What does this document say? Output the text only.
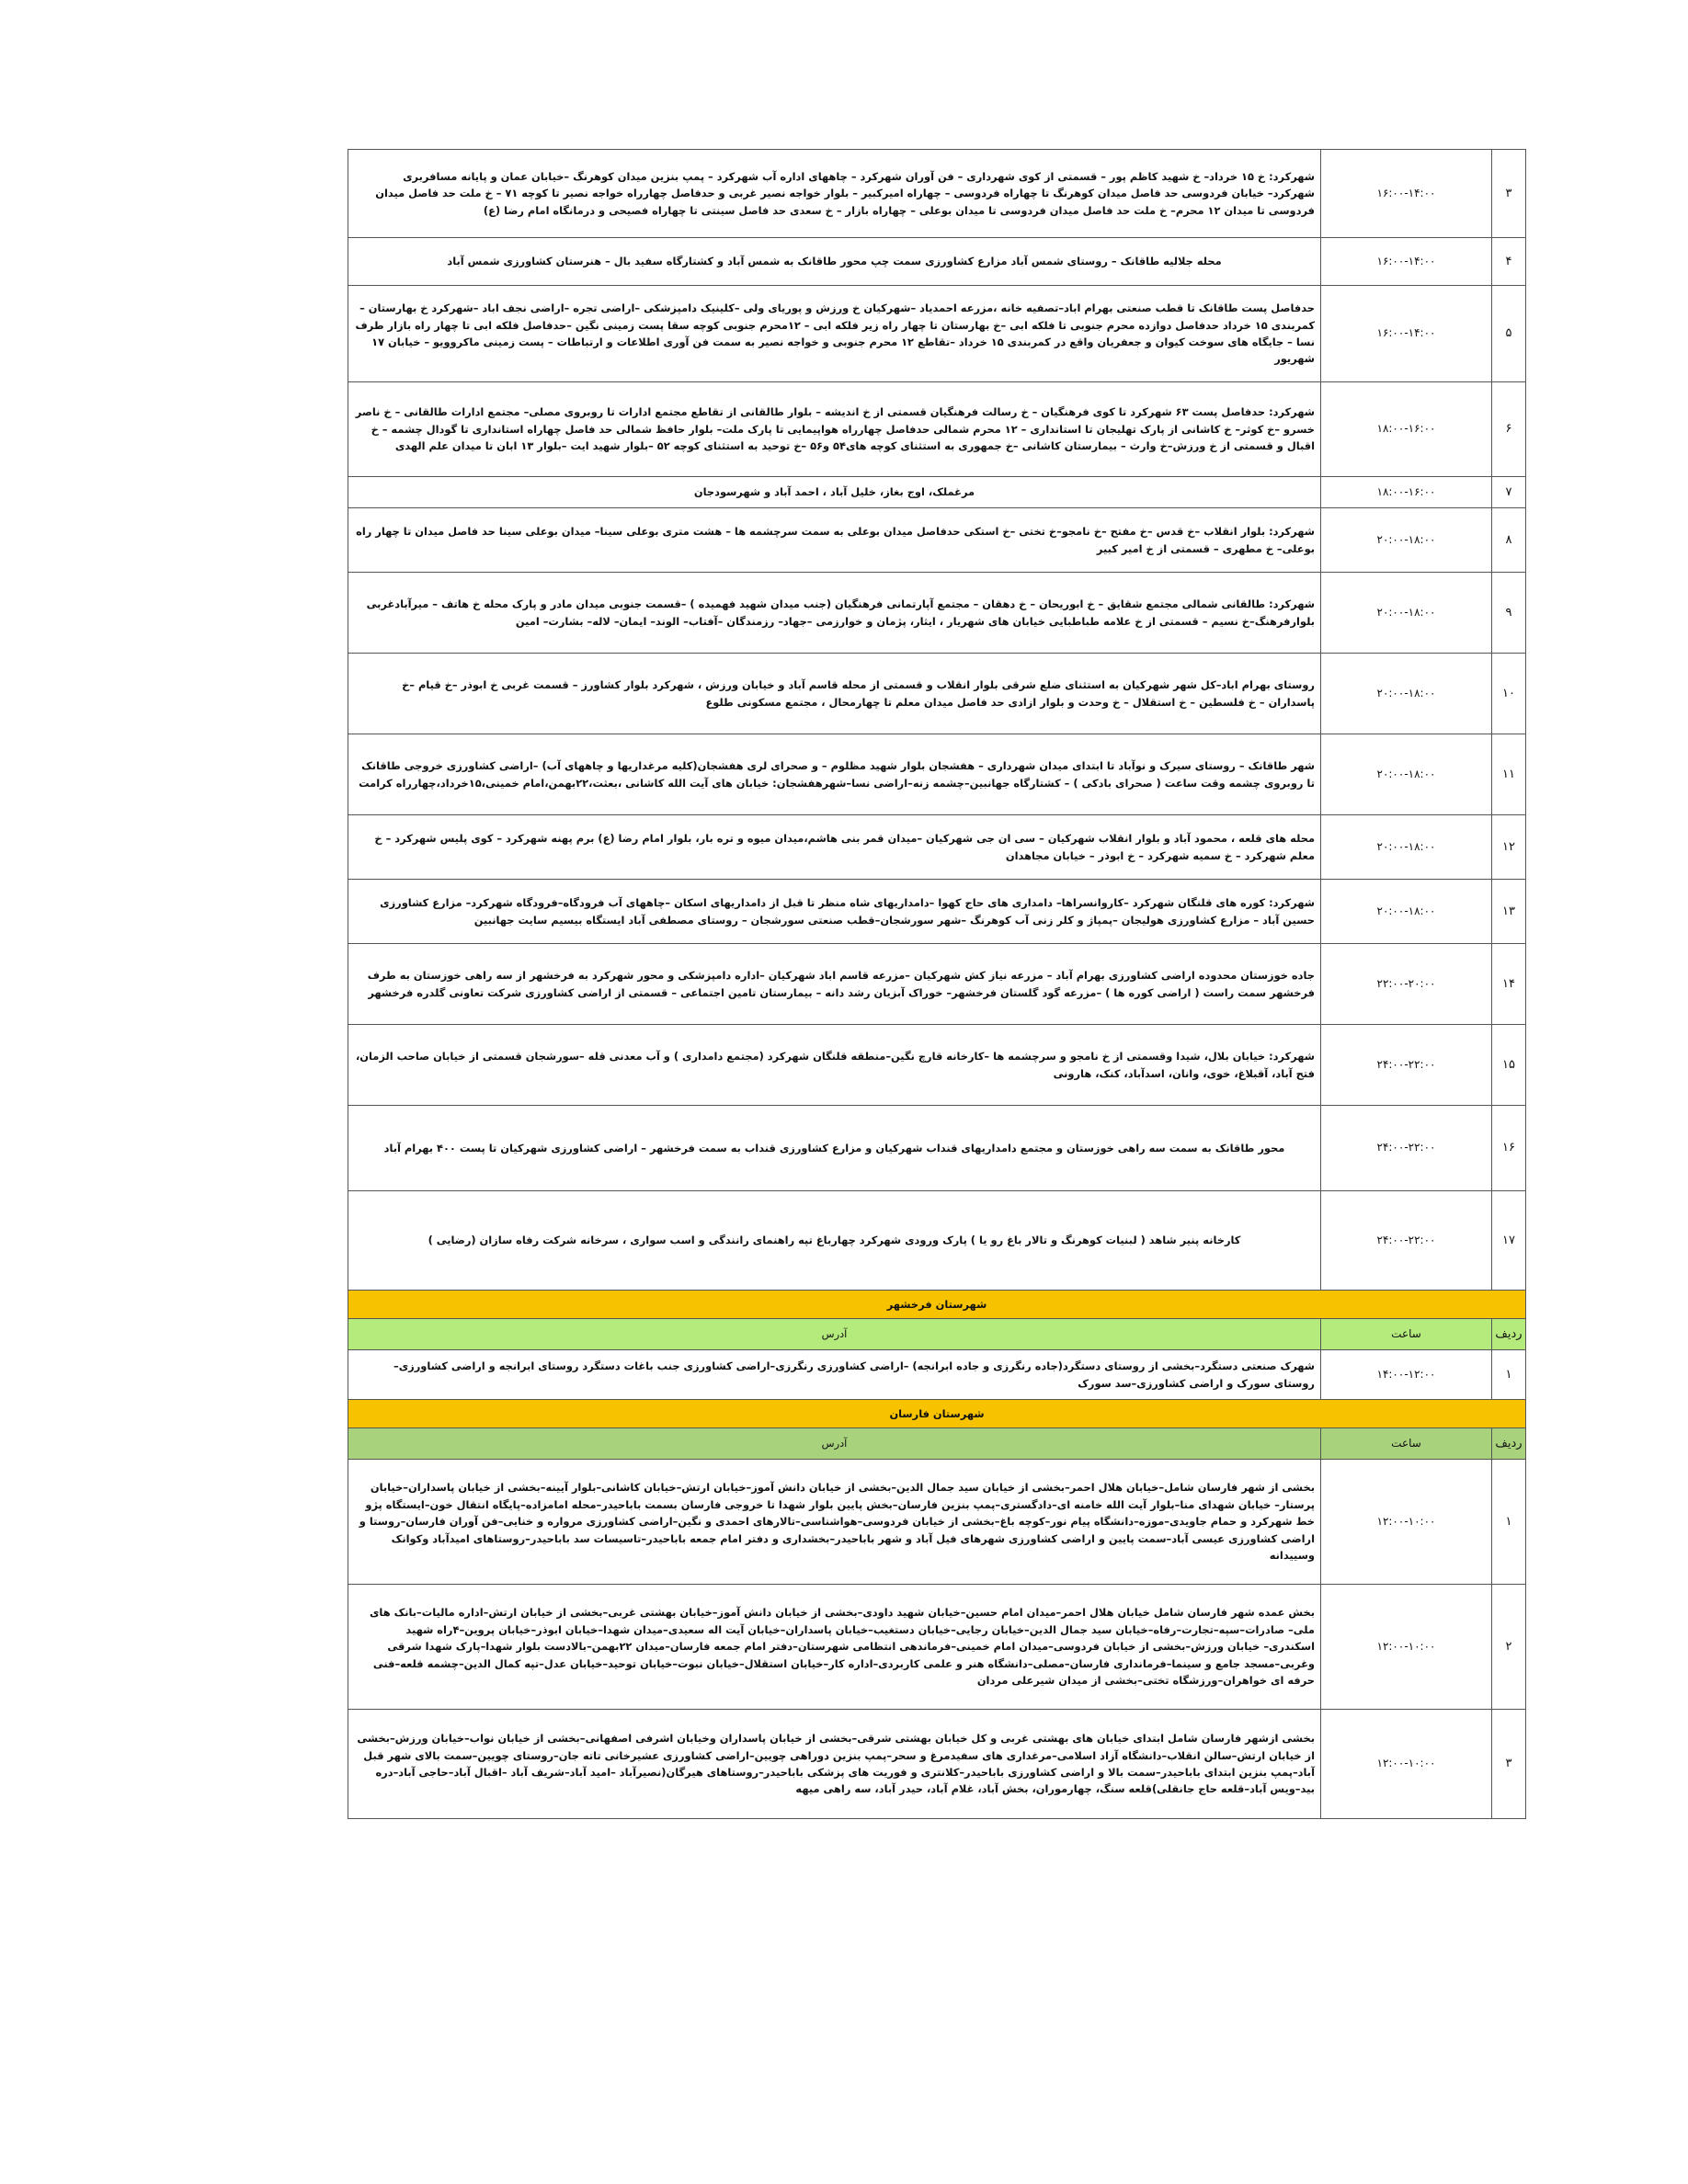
۳	۱۶:۰۰-۱۴:۰۰	شهرکرد: خ ۱۵ خرداد– خ شهید کاظم پور – قسمتی از کوی شهرداری – فن آوران شهرکرد – چاههای اداره آب شهرکرد – پمپ بنزین میدان کوهرنگ –خیابان عمان و پایانه مسافربری شهرکرد– خیابان فردوسی حد فاصل میدان کوهرنگ تا چهاراه فردوسی – چهاراه امیرکبیر – بلوار خواجه نصیر غربی و حدفاصل چهارراه خواجه نصیر تا کوچه ۷۱ – خ ملت حد فاصل میدان فردوسی تا میدان ۱۲ محرم– خ ملت حد فاصل میدان فردوسی تا میدان بوعلی – چهاراه بازار – خ سعدی حد فاصل سینتی تا چهاراه فصیحی و درمانگاه امام رضا (ع)
۴	۱۶:۰۰-۱۴:۰۰	محله جلالیه طاقانک – روستای شمس آباد مزارع کشاورزی سمت چپ محور طاقانک به شمس آباد و کشتارگاه سفید بال – هنرستان کشاورزی شمس آباد
۵	۱۶:۰۰-۱۴:۰۰	حدفاصل پست طاقانک تا قطب صنعتی بهرام اباد–تصفیه خانه ،مزرعه احمدیاد –شهرکیان خ ورزش و پوریای ولی –کلینیک دامپزشکی –اراضی تجره –اراضی نجف اباد –شهرکرد خ بهارستان –کمربندی ۱۵ خرداد حدفاصل دوازده محرم جنوبی تا فلکه ابی –خ بهارستان تا چهار راه زیر فلکه ابی – ۱۲محرم جنوبی کوچه سقا پست زمینی نگین –حدفاصل فلکه ابی تا چهار راه بازار طرف نسا – جایگاه های سوخت کیوان و جعفریان واقع در کمربندی ۱۵ خرداد –تقاطع ۱۲ محرم جنوبی و خواجه نصیر به سمت فن آوری اطلاعات و ارتباطات – پست زمینی ماکروویو – خیابان ۱۷ شهریور
۶	۱۸:۰۰-۱۶:۰۰	شهرکرد: حدفاصل پست ۶۳ شهرکرد تا کوی فرهنگیان – خ رسالت فرهنگیان قسمتی از خ اندیشه – بلوار طالقانی از تقاطع مجتمع ادارات تا روبروی مصلی– مجتمع ادارات طالقانی – خ ناصر خسرو –خ کوثر– خ کاشانی از پارک تهلیجان تا استانداری – ۱۲ محرم شمالی حدفاصل چهارراه هواپیمایی تا پارک ملت– بلوار حافظ شمالی حد فاصل چهاراه استانداری تا گودال چشمه – خ اقبال و قسمتی از خ ورزش–خ وارث – بیمارستان کاشانی –خ جمهوری به استثنای کوچه های۵۴ و۵۶ –خ توحید به استثنای کوچه ۵۲ –بلوار شهید ایت –بلوار ۱۳ ابان تا میدان علم الهدی
۷	۱۸:۰۰-۱۶:۰۰	مرغملک، اوج بغاز، خلیل آباد ، احمد آباد و شهرسودجان
۸	۲۰:۰۰-۱۸:۰۰	شهرکرد: بلوار انقلاب –خ قدس –خ مفتح –خ نامجو–خ تختی –خ استکی حدفاصل میدان بوعلی به سمت سرچشمه ها – هشت متری بوعلی سینا– میدان بوعلی سینا حد فاصل میدان تا چهار راه بوعلی– خ مطهری – قسمتی از خ امیر کبیر
۹	۲۰:۰۰-۱۸:۰۰	شهرکرد: طالقانی شمالی مجتمع شقایق – خ ابوریحان – خ دهقان – مجتمع آپارتمانی فرهنگیان (جنب میدان شهید فهمیده ) –قسمت جنوبی میدان مادر و پارک محله خ هاتف – میرآبادغربی بلوارفرهنگ–خ نسیم – قسمتی از خ علامه طباطبایی خیابان های شهریار ، ایثار، پژمان و خوارزمی –جهاد– رزمندگان –آفتاب– الوند– ایمان– لاله– بشارت– امین
۱۰	۲۰:۰۰-۱۸:۰۰	روستای بهرام اباد–کل شهر شهرکیان به استثنای ضلع شرقی بلوار انقلاب و قسمتی از محله قاسم آباد و خیابان ورزش ، شهرکرد بلوار کشاورز – قسمت غربی خ ابوذر –خ قیام –خ پاسداران – خ فلسطین – خ استقلال – خ وحدت و بلوار ازادی حد فاصل میدان معلم تا چهارمحال ، مجتمع مسکونی طلوع
۱۱	۲۰:۰۰-۱۸:۰۰	شهر طاقانک – روستای سیرک و نوآباد تا ابتدای میدان شهرداری – هفشجان بلوار شهید مظلوم – و صحرای لری هفشجان(کلیه مرغداریها و چاههای آب) –اراضی کشاورزی خروجی طاقانک تا روبروی چشمه وقت ساعت ( صحرای بادکی ) – کشتارگاه جهانبین–چشمه زنه–اراضی نسا–شهرهفشجان: خیابان های آیت الله کاشانی ،بعثت،۲۲بهمن،امام خمینی،۱۵خرداد،چهارراه کرامت
۱۲	۲۰:۰۰-۱۸:۰۰	محله های قلعه ، محمود آباد و بلوار انقلاب شهرکیان – سی ان جی شهرکیان –میدان قمر بنی هاشم،میدان میوه و تره بار، بلوار امام رضا (ع) برم پهنه شهرکرد – کوی پلیس شهرکرد – خ معلم شهرکرد – خ سمیه شهرکرد – خ ابوذر – خیابان مجاهدان
۱۳	۲۰:۰۰-۱۸:۰۰	شهرکرد: کوره های قلنگان شهرکرد –کاروانسراها– دامداری های حاج کهوا –دامداریهای شاه منظر تا قبل از دامداریهای اسکان –چاههای آب فرودگاه–فرودگاه شهرکرد– مزارع کشاورزی حسین آباد – مزارع کشاورزی هولیجان –پمپاژ و کلر زنی آب کوهرنگ –شهر سورشجان–قطب صنعتی سورشجان – روستای مصطفی آباد ایستگاه بیسیم سایت جهانبین
۱۴	۲۲:۰۰-۲۰:۰۰	جاده خوزستان محدوده اراضی کشاورزی بهرام آباد – مزرعه نیاز کش شهرکیان –مزرعه قاسم اباد شهرکیان –اداره دامپزشکی و محور شهرکرد به فرخشهر از سه راهی خوزستان به طرف فرخشهر سمت راست ( اراضی کوره ها ) –مزرعه گود گلستان فرخشهر– خوراک آبزیان رشد دانه – بیمارستان تامین اجتماعی – قسمتی از اراضی کشاورزی شرکت تعاونی گلدره فرخشهر
۱۵	۲۴:۰۰-۲۲:۰۰	شهرکرد: خیابان بلال، شیدا وقسمتی از خ نامجو و سرچشمه ها –کارخانه قارچ نگین–منطقه قلنگان شهرکرد (مجتمع دامداری ) و آب معدنی قله –سورشجان قسمتی از خیابان صاحب الزمان، فتح آباد، آقبلاغ، خوی، وانان، اسدآباد، کنک، هارونی
۱۶	۲۴:۰۰-۲۲:۰۰	محور طاقانک به سمت سه راهی خوزستان و مجتمع دامداریهای قنداب شهرکیان و مزارع کشاورزی قنداب به سمت فرخشهر – اراضی کشاورزی شهرکیان تا پست ۴۰۰ بهرام آباد
۱۷	۲۴:۰۰-۲۲:۰۰	کارخانه پنیر شاهد ( لبنیات کوهرنگ و تالار باغ رو یا ) پارک ورودی شهرکرد چهارباغ تپه راهنمای رانندگی و اسب سواری ، سرخانه شرکت رفاه سازان (رضایی )
شهرستان فرخشهر		
ردیف	ساعت	آدرس
۱	۱۴:۰۰-۱۲:۰۰	شهرک صنعتی دستگرد–بخشی از روستای دستگرد(جاده رنگرزی و جاده ابرانجه) –اراضی کشاورزی رنگرزی–اراضی کشاورزی جنب باغات دستگرد روستای ابرانجه و اراضی کشاورزی–روستای سورک و اراضی کشاورزی–سد سورک
شهرستان فارسان		
ردیف	ساعت	آدرس
۱	۱۲:۰۰-۱۰:۰۰	بخشی از شهر فارسان شامل–خیابان هلال احمر–بخشی از خیابان سید جمال الدین–بخشی از خیابان دانش آموز–خیابان ارتش–خیابان کاشانی–بلوار آیینه–بخشی از خیابان پاسداران–خیابان پرستار– خیابان شهدای منا–بلوار آیت الله خامنه ای–دادگستری–پمپ بنزین فارسان–بخش پایین بلوار شهدا تا خروجی فارسان بسمت باباحیدر–محله امامزاده–پایگاه انتقال خون–ایستگاه پژو خط شهرکرد و حمام جاویدی–موزه–دانشگاه پیام نور–کوچه باغ–بخشی از خیابان فردوسی–هواشناسی–تالارهای احمدی و نگین–اراضی کشاورزی مرواره و خنایی–فن آوران فارسان–روستا و اراضی کشاورزی عیسی آباد–سمت پایین و اراضی کشاورزی شهرهای فیل آباد و شهر باباحیدر–بخشداری و دفتر امام جمعه باباحیدر–تاسیسات سد باباحیدر–روستاهای امیدآباد وکوانک وسییدانه
۲	۱۲:۰۰-۱۰:۰۰	بخش عمده شهر فارسان شامل خیابان هلال احمر–میدان امام حسین–خیابان شهید داودی–بخشی از خیابان دانش آموز–خیابان بهشتی غربی–بخشی از خیابان ارتش–اداره مالیات–بانک های ملی– صادرات–سپه–تجارت–رفاه–خیابان سید جمال الدین–خیابان رجایی–خیابان دستغیب–خیابان پاسداران–خیابان آیت اله سعیدی–میدان شهدا–خیابان ابوذر–خیابان پروین–۴راه شهید اسکندری– خیابان ورزش–بخشی از خیابان فردوسی–میدان امام خمینی–فرماندهی انتظامی شهرستان–دفتر امام جمعه فارسان–میدان ۲۲بهمن–بالادست بلوار شهدا–پارک شهدا شرقی وغربی–مسجد جامع و سینما–فرمانداری فارسان–مصلی–دانشگاه هنر و علمی کاربردی–اداره کار–خیابان استقلال–خیابان نبوت–خیابان توحید–خیابان عدل–تپه کمال الدین–چشمه قلعه–فنی حرفه ای خواهران–ورزشگاه تختی–بخشی از میدان شیرعلی مردان
۳	۱۲:۰۰-۱۰:۰۰	بخشی ازشهر فارسان شامل ابتدای خیابان های بهشتی غربی و کل خیابان بهشتی شرقی–بخشی از خیابان پاسداران وخیابان اشرفی اصفهانی–بخشی از خیابان نواب–خیابان ورزش–بخشی از خیابان ارتش–سالن انقلاب–دانشگاه آزاد اسلامی–مرغداری های سفیدمرغ و سحر–پمپ بنزین دوراهی چویین–اراضی کشاورزی عشیرخانی تاته جان–روستای چویین–سمت بالای شهر قبل آباد–پمپ بنزین ابتدای باباحیدر–سمت بالا و اراضی کشاورزی باباحیدر–کلانتری و فوریت های پزشکی باباحیدر–روستاهای هیرگان(نصیرآباد –امید آباد–شریف آباد –اقبال آباد–حاجی آباد–دره بید–ویس آباد–قلعه حاج جانقلی)قلعه سنگ، چهارموران، بخش آباد، غلام آباد، حیدر آباد، سه راهی میهه
